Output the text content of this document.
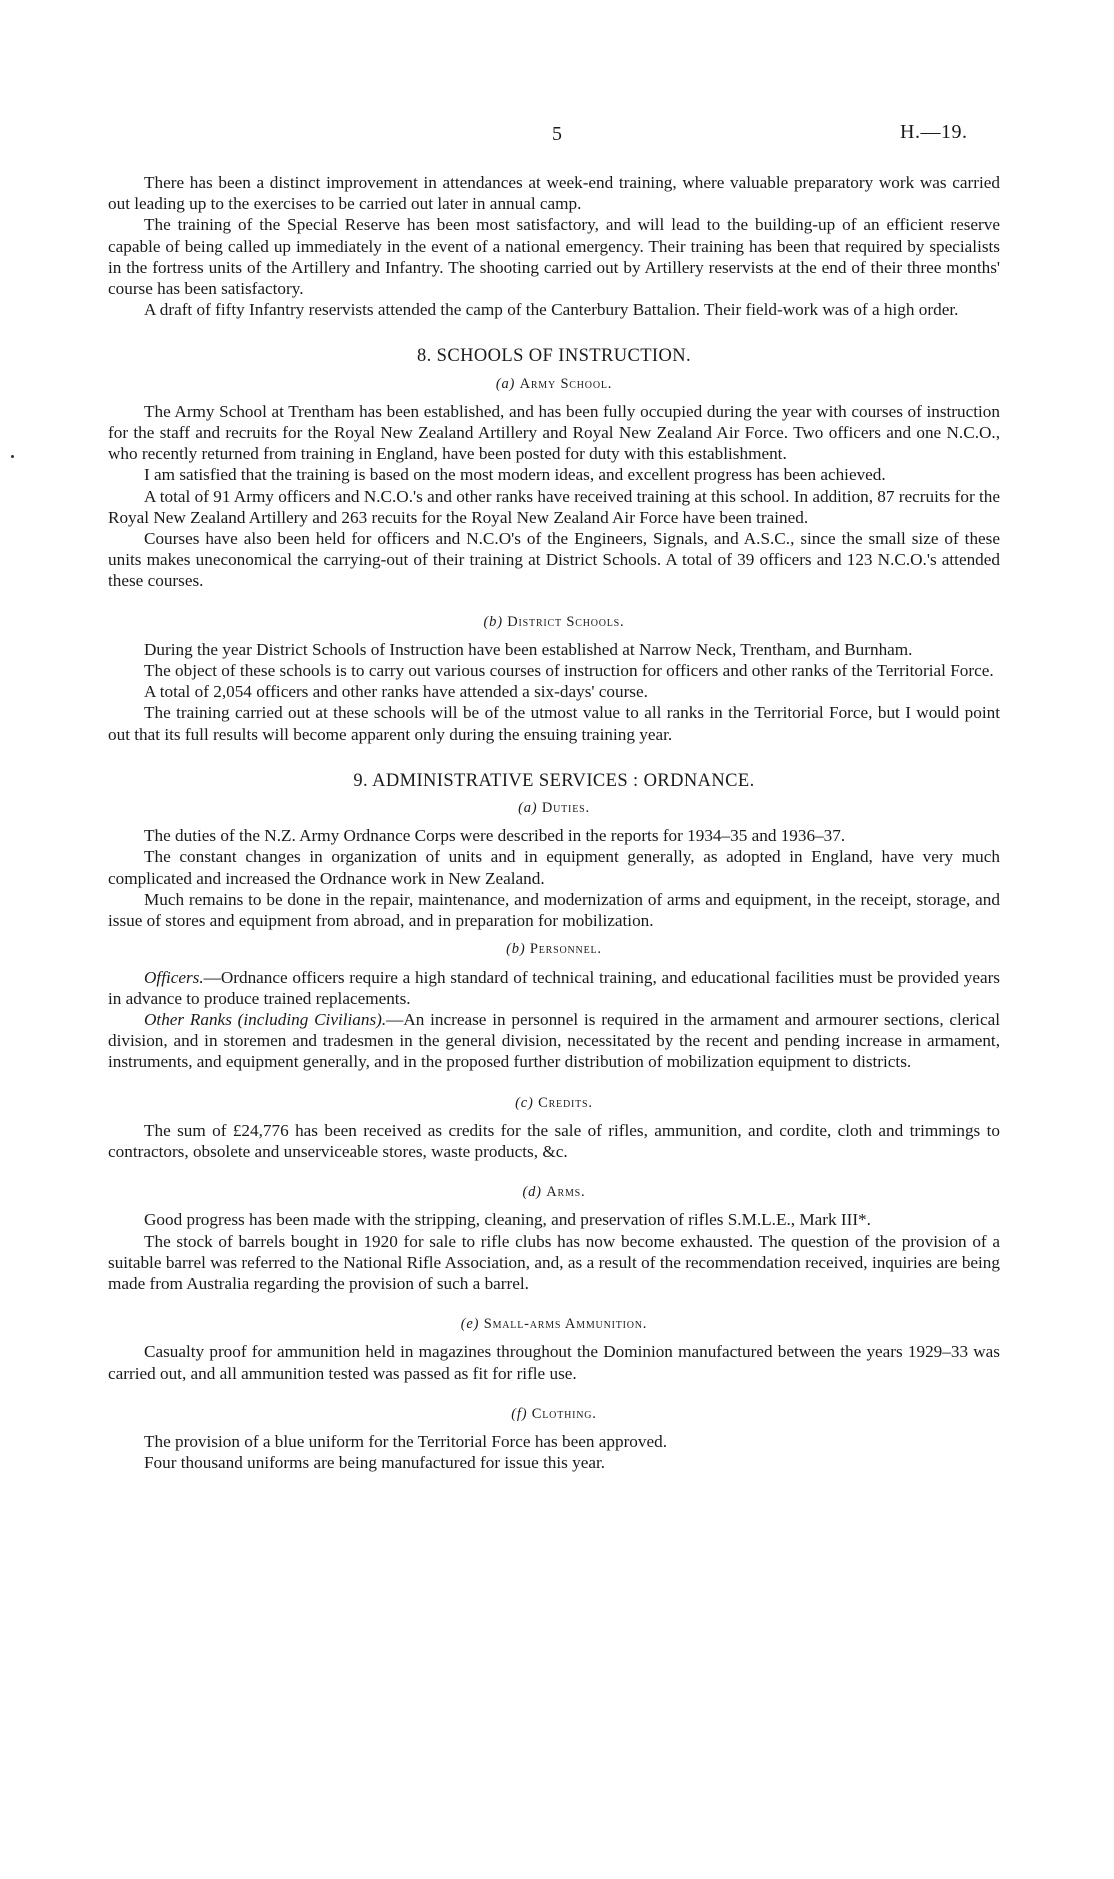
5	H.—19.

There has been a distinct improvement in attendances at week-end training, where valuable preparatory work was carried out leading up to the exercises to be carried out later in annual camp.

The training of the Special Reserve has been most satisfactory, and will lead to the building-up of an efficient reserve capable of being called up immediately in the event of a national emergency. Their training has been that required by specialists in the fortress units of the Artillery and Infantry. The shooting carried out by Artillery reservists at the end of their three months' course has been satisfactory.

A draft of fifty Infantry reservists attended the camp of the Canterbury Battalion. Their field-work was of a high order.

8. SCHOOLS OF INSTRUCTION.
(a) Army School.

The Army School at Trentham has been established, and has been fully occupied during the year with courses of instruction for the staff and recruits for the Royal New Zealand Artillery and Royal New Zealand Air Force. Two officers and one N.C.O., who recently returned from training in England, have been posted for duty with this establishment.

I am satisfied that the training is based on the most modern ideas, and excellent progress has been achieved.

A total of 91 Army officers and N.C.O.'s and other ranks have received training at this school. In addition, 87 recruits for the Royal New Zealand Artillery and 263 recuits for the Royal New Zealand Air Force have been trained.

Courses have also been held for officers and N.C.O's of the Engineers, Signals, and A.S.C., since the small size of these units makes uneconomical the carrying-out of their training at District Schools. A total of 39 officers and 123 N.C.O.'s attended these courses.

(b) District Schools.

During the year District Schools of Instruction have been established at Narrow Neck, Trentham, and Burnham.

The object of these schools is to carry out various courses of instruction for officers and other ranks of the Territorial Force.

A total of 2,054 officers and other ranks have attended a six-days' course.

The training carried out at these schools will be of the utmost value to all ranks in the Territorial Force, but I would point out that its full results will become apparent only during the ensuing training year.

9. ADMINISTRATIVE SERVICES : ORDNANCE.
(a) Duties.

The duties of the N.Z. Army Ordnance Corps were described in the reports for 1934–35 and 1936–37.

The constant changes in organization of units and in equipment generally, as adopted in England, have very much complicated and increased the Ordnance work in New Zealand.

Much remains to be done in the repair, maintenance, and modernization of arms and equipment, in the receipt, storage, and issue of stores and equipment from abroad, and in preparation for mobilization.

(b) Personnel.

Officers.—Ordnance officers require a high standard of technical training, and educational facilities must be provided years in advance to produce trained replacements.

Other Ranks (including Civilians).—An increase in personnel is required in the armament and armourer sections, clerical division, and in storemen and tradesmen in the general division, necessitated by the recent and pending increase in armament, instruments, and equipment generally, and in the proposed further distribution of mobilization equipment to districts.

(c) Credits.

The sum of £24,776 has been received as credits for the sale of rifles, ammunition, and cordite, cloth and trimmings to contractors, obsolete and unserviceable stores, waste products, &c.

(d) Arms.

Good progress has been made with the stripping, cleaning, and preservation of rifles S.M.L.E., Mark III*.

The stock of barrels bought in 1920 for sale to rifle clubs has now become exhausted. The question of the provision of a suitable barrel was referred to the National Rifle Association, and, as a result of the recommendation received, inquiries are being made from Australia regarding the provision of such a barrel.

(e) Small-arms Ammunition.

Casualty proof for ammunition held in magazines throughout the Dominion manufactured between the years 1929–33 was carried out, and all ammunition tested was passed as fit for rifle use.

(f) Clothing.

The provision of a blue uniform for the Territorial Force has been approved.

Four thousand uniforms are being manufactured for issue this year.
